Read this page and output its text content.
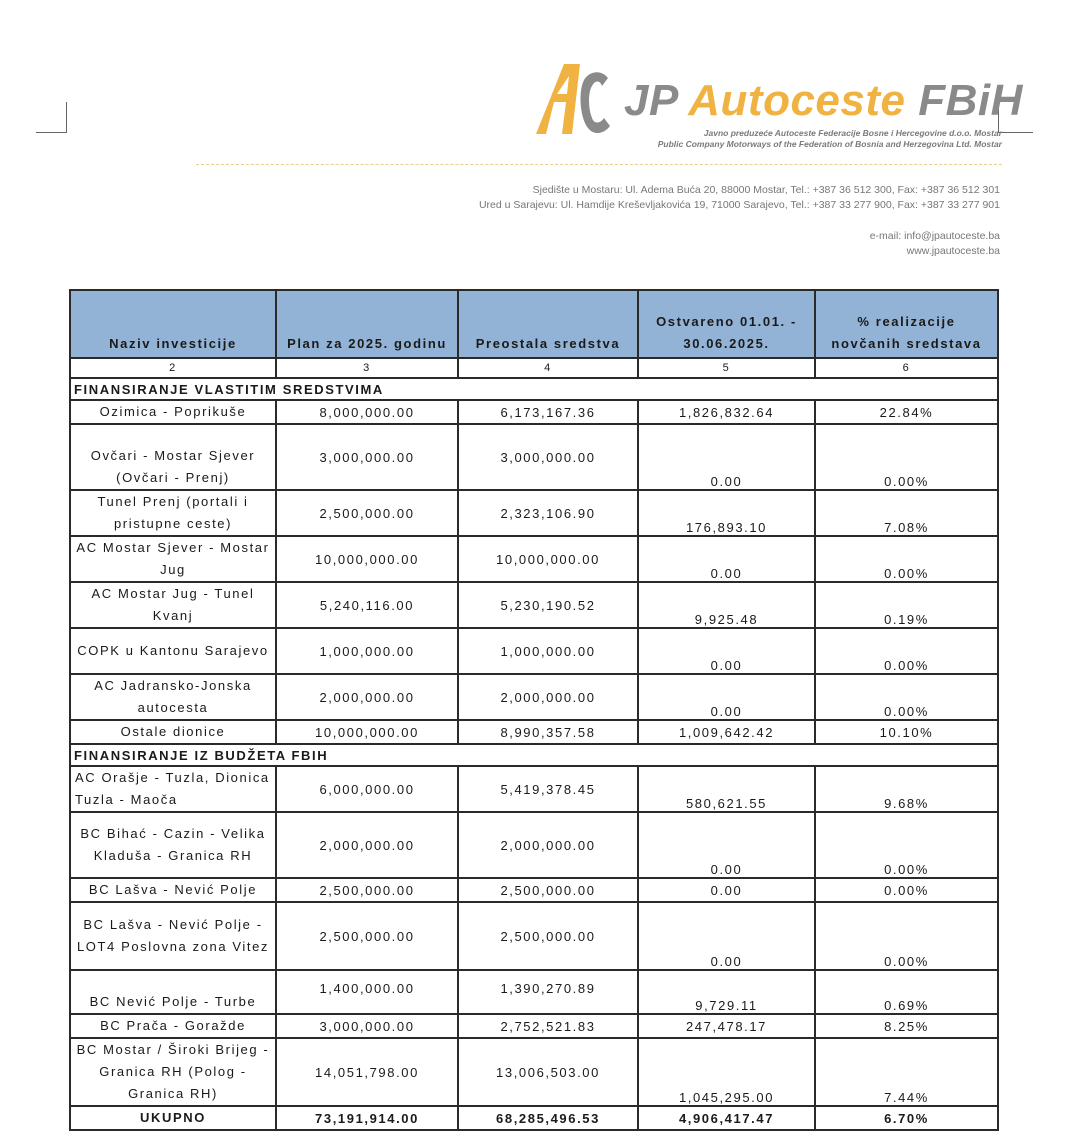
JP Autoceste FBiH
Javno preduzeće Autoceste Federacije Bosne i Hercegovine d.o.o. Mostar
Public Company Motorways of the Federation of Bosnia and Herzegovina Ltd. Mostar
Sjedište u Mostaru: Ul. Adema Buća 20, 88000 Mostar, Tel.: +387 36 512 300, Fax: +387 36 512 301
Ured u Sarajevu: Ul. Hamdije Kreševljakovića 19, 71000 Sarajevo, Tel.: +387 33 277 900, Fax: +387 33 277 901
e-mail: info@jpautoceste.ba
www.jpautoceste.ba
Naziv investicije	Plan za 2025. godinu	Preostala sredstva	Ostvareno 01.01. - 30.06.2025.	% realizacije novčanih sredstava
2	3	4	5	6
FINANSIRANJE VLASTITIM SREDSTVIMA				
Ozimica - Poprikuše	8,000,000.00	6,173,167.36	1,826,832.64	22.84%
Ovčari - Mostar Sjever (Ovčari - Prenj)	3,000,000.00	3,000,000.00	0.00	0.00%
Tunel Prenj (portali i pristupne ceste)	2,500,000.00	2,323,106.90	176,893.10	7.08%
AC Mostar Sjever - Mostar Jug	10,000,000.00	10,000,000.00	0.00	0.00%
AC Mostar Jug - Tunel Kvanj	5,240,116.00	5,230,190.52	9,925.48	0.19%
COPK u Kantonu Sarajevo	1,000,000.00	1,000,000.00	0.00	0.00%
AC Jadransko-Jonska autocesta	2,000,000.00	2,000,000.00	0.00	0.00%
Ostale dionice	10,000,000.00	8,990,357.58	1,009,642.42	10.10%
FINANSIRANJE IZ BUDŽETA FBIH				
AC Orašje - Tuzla, Dionica Tuzla - Maoča	6,000,000.00	5,419,378.45	580,621.55	9.68%
BC Bihać - Cazin - Velika Kladuša - Granica RH	2,000,000.00	2,000,000.00	0.00	0.00%
BC Lašva - Nević Polje	2,500,000.00	2,500,000.00	0.00	0.00%
BC Lašva - Nević Polje - LOT4 Poslovna zona Vitez	2,500,000.00	2,500,000.00	0.00	0.00%
BC Nević Polje - Turbe	1,400,000.00	1,390,270.89	9,729.11	0.69%
BC Prača - Goražde	3,000,000.00	2,752,521.83	247,478.17	8.25%
BC Mostar / Široki Brijeg - Granica RH (Polog - Granica RH)	14,051,798.00	13,006,503.00	1,045,295.00	7.44%
UKUPNO	73,191,914.00	68,285,496.53	4,906,417.47	6.70%
